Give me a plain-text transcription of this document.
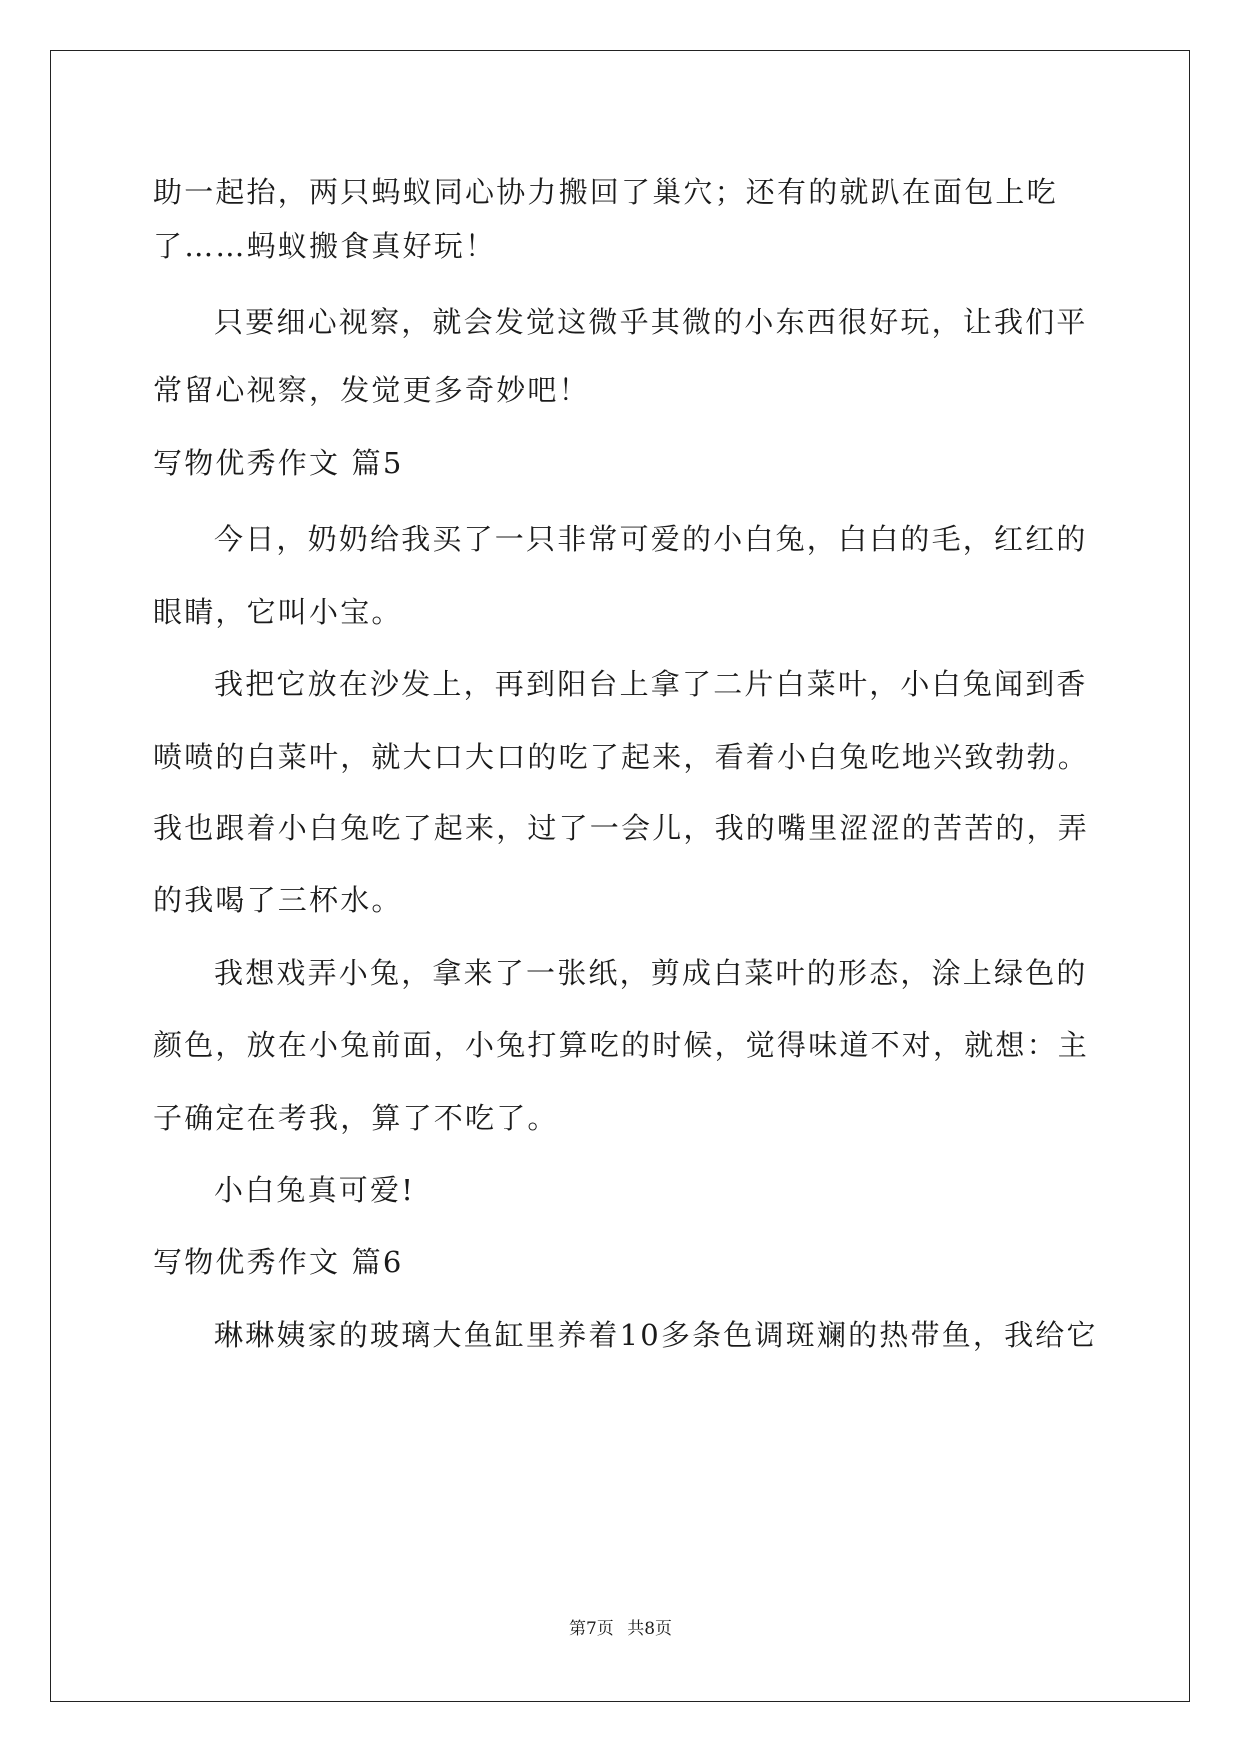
助一起抬，两只蚂蚁同心协力搬回了巢穴；还有的就趴在面包上吃
了……蚂蚁搬食真好玩！
只要细心视察，就会发觉这微乎其微的小东西很好玩，让我们平
常留心视察，发觉更多奇妙吧！
写物优秀作文 篇5
今日，奶奶给我买了一只非常可爱的小白兔，白白的毛，红红的
眼睛，它叫小宝。
我把它放在沙发上，再到阳台上拿了二片白菜叶，小白兔闻到香
喷喷的白菜叶，就大口大口的吃了起来，看着小白兔吃地兴致勃勃。
我也跟着小白兔吃了起来，过了一会儿，我的嘴里涩涩的苦苦的，弄
的我喝了三杯水。
我想戏弄小兔，拿来了一张纸，剪成白菜叶的形态，涂上绿色的
颜色，放在小兔前面，小兔打算吃的时候，觉得味道不对，就想：主
子确定在考我，算了不吃了。
小白兔真可爱!
写物优秀作文 篇6
琳琳姨家的玻璃大鱼缸里养着10多条色调斑斓的热带鱼，我给它
第7页 共8页
